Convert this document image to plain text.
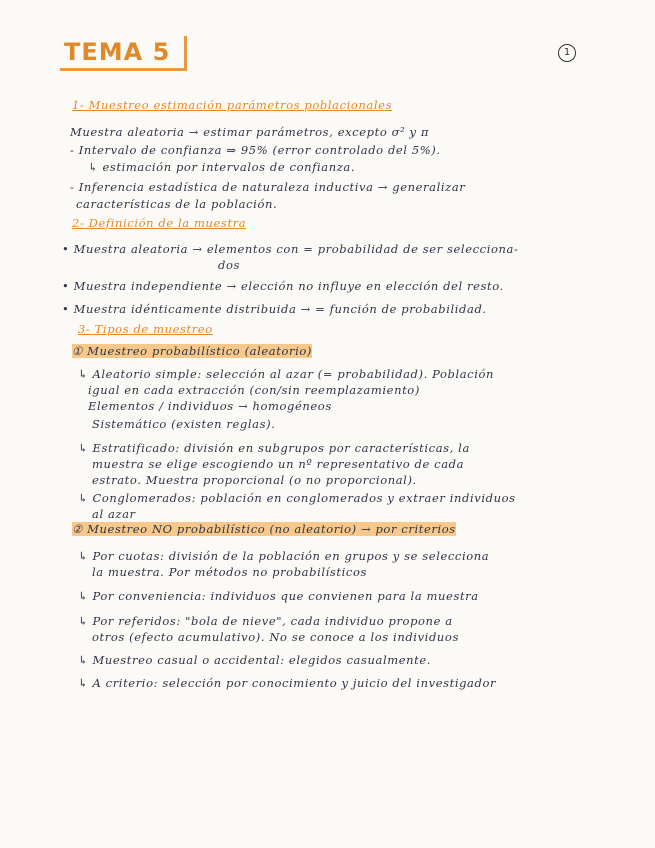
TEMA 5	1
1- Muestreo estimación parámetros poblacionales
Muestra aleatoria → estimar parámetros, excepto σ² y π
- Intervalo de confianza ⇒ 95% (error controlado del 5%).
↳ estimación por intervalos de confianza.
- Inferencia estadística de naturaleza inductiva → generalizar
características de la población.
2- Definición de la muestra
• Muestra aleatoria → elementos con = probabilidad de ser selecciona-
dos
• Muestra independiente → elección no influye en elección del resto.
• Muestra idénticamente distribuida → = función de probabilidad.
3- Tipos de muestreo
① Muestreo probabilístico (aleatorio)
↳ Aleatorio simple: selección al azar (= probabilidad). Población
igual en cada extracción (con/sin reemplazamiento)
Elementos / individuos → homogéneos
Sistemático (existen reglas).
↳ Estratificado: división en subgrupos por características, la
muestra se elige escogiendo un nº representativo de cada
estrato. Muestra proporcional (o no proporcional).
↳ Conglomerados: población en conglomerados y extraer individuos
al azar
② Muestreo NO probabilístico (no aleatorio) → por criterios
↳ Por cuotas: división de la población en grupos y se selecciona
la muestra. Por métodos no probabilísticos
↳ Por conveniencia: individuos que convienen para la muestra
↳ Por referidos: "bola de nieve", cada individuo propone a
otros (efecto acumulativo). No se conoce a los individuos
↳ Muestreo casual o accidental: elegidos casualmente.
↳ A criterio: selección por conocimiento y juicio del investigador
